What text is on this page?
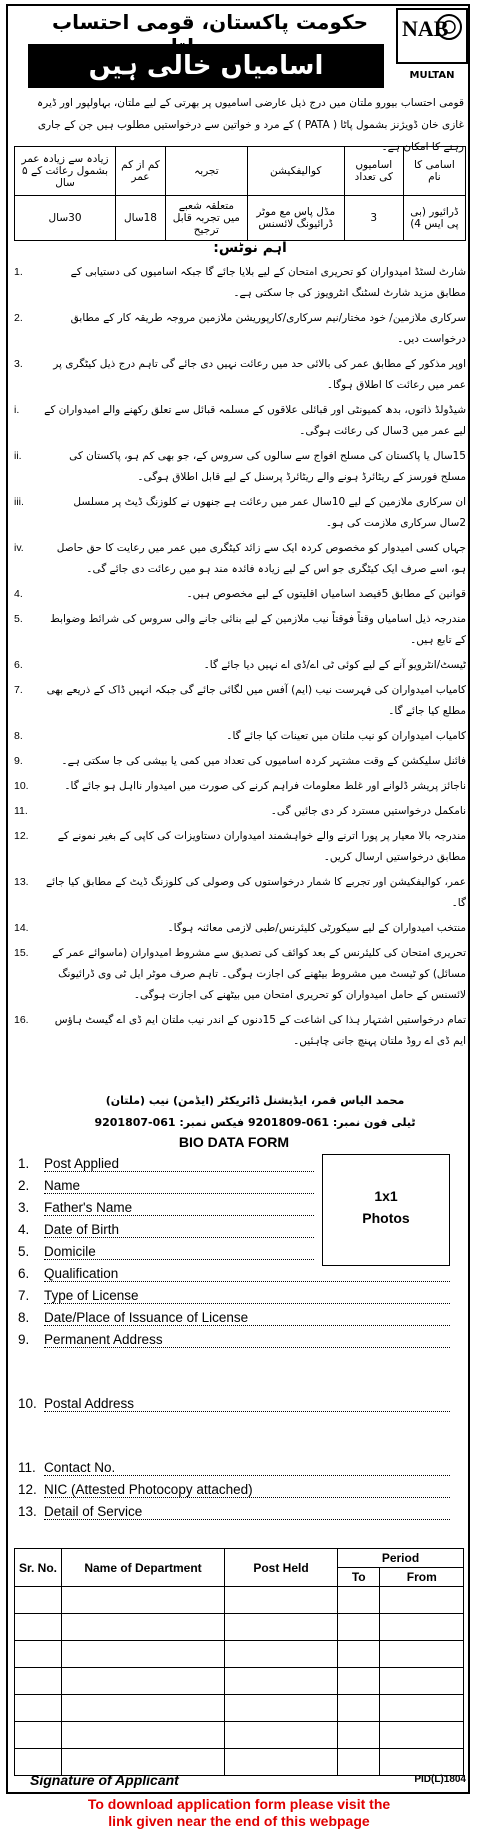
حکومت پاکستان، قومی احتساب
اسامیاں خالی ہیں
NAB
MULTAN
قومی احتساب بیورو ملتان میں درج ذیل عارضی اسامیوں پر بھرتی کے لیے ملتان، بہاولپور اور ڈیرہ غازی خان ڈویژنز بشمول پاٹا ( PATA ) کے مرد و خواتین سے درخواستیں مطلوب ہیں جن کے جاری رہنے کا امکان ہے۔
اسامی کا نام	اسامیوں کی تعداد	کوالیفکیشن	تجربہ	کم از کم عمر	زیادہ سے زیادہ عمر بشمول رعائت کے ۵ سال
ڈرائیور (بی پی ایس 4)	3	مڈل پاس مع موٹر ڈرائیونگ لائسنس	متعلقہ شعبے میں تجربہ قابل ترجیح	18سال	30سال
اہم نوٹس:
1.	شارٹ لسٹڈ امیدواران کو تحریری امتحان کے لیے بلایا جائے گا جبکہ اسامیوں کی دستیابی کے مطابق مزید شارٹ لسٹنگ انٹرویوز کی جا سکتی ہے۔
2.	سرکاری ملازمین/ خود مختار/نیم سرکاری/کارپوریشن ملازمین مروجہ طریقہ کار کے مطابق درخواست دیں۔
3.	اوپر مذکور کے مطابق عمر کی بالائی حد میں رعائت نہیں دی جائے گی تاہم درج ذیل کیٹگری پر عمر میں رعائت کا اطلاق ہوگا۔
i.	شیڈولڈ ذاتوں، بدھ کمیونٹی اور قبائلی علاقوں کے مسلمہ قبائل سے تعلق رکھنے والے امیدواران کے لیے عمر میں 3سال کی رعائت ہوگی۔
ii.	15سال یا پاکستان کی مسلح افواج سے سالوں کی سروس کے، جو بھی کم ہو، پاکستان کی مسلح فورسز کے ریٹائرڈ ہونے والے ریٹائرڈ پرسنل کے لیے قابل اطلاق ہوگی۔
iii.	ان سرکاری ملازمین کے لیے 10سال عمر میں رعائت ہے جنھوں نے کلوزنگ ڈیٹ پر مسلسل 2سال سرکاری ملازمت کی ہو۔
iv.	جہاں کسی امیدوار کو مخصوص کردہ ایک سے زائد کیٹگری میں عمر میں رعایت کا حق حاصل ہو، اسے صرف ایک کیٹگری جو اس کے لیے زیادہ فائدہ مند ہو میں رعائت دی جائے گی۔
4.	قوانین کے مطابق 5فیصد اسامیاں اقلیتوں کے لیے مخصوص ہیں۔
5.	مندرجہ ذیل اسامیاں وقتاً فوقتاً نیب ملازمین کے لیے بنائی جانے والی سروس کی شرائط وضوابط کے تابع ہیں۔
6.	ٹیسٹ/انٹرویو آنے کے لیے کوئی ٹی اے/ڈی اے نہیں دیا جائے گا۔
7.	کامیاب امیدواران کی فہرست نیب (ایم) آفس میں لگائی جائے گی جبکہ انہیں ڈاک کے ذریعے بھی مطلع کیا جائے گا۔
8.	کامیاب امیدواران کو نیب ملتان میں تعینات کیا جائے گا۔
9.	فائنل سلیکشن کے وقت مشتہر کردہ اسامیوں کی تعداد میں کمی یا بیشی کی جا سکتی ہے۔
10.	ناجائز پریشر ڈلوانے اور غلط معلومات فراہم کرنے کی صورت میں امیدوار نااہل ہو جائے گا۔
11.	نامکمل درخواستیں مسترد کر دی جائیں گی۔
12.	مندرجہ بالا معیار پر پورا اترنے والے خواہشمند امیدواران دستاویزات کی کاپی کے بغیر نمونے کے مطابق درخواستیں ارسال کریں۔
13.	عمر، کوالیفکیشن اور تجربے کا شمار درخواستوں کی وصولی کی کلوزنگ ڈیٹ کے مطابق کیا جائے گا۔
14.	منتخب امیدواران کے لیے سیکورٹی کلیئرنس/طبی لازمی معائنہ ہوگا۔
15.	تحریری امتحان کی کلیئرنس کے بعد کوائف کی تصدیق سے مشروط امیدواران (ماسوائے عمر کے مسائل) کو ٹیسٹ میں مشروط بیٹھنے کی اجازت ہوگی۔ تاہم صرف موٹر ایل ٹی وی ڈرائیونگ لائسنس کے حامل امیدواران کو تحریری امتحان میں بیٹھنے کی اجازت ہوگی۔
16.	تمام درخواستیں اشتہار ہذا کی اشاعت کے 15دنوں کے اندر نیب ملتان ایم ڈی اے گیسٹ ہاؤس ایم ڈی اے روڈ ملتان پہنچ جانی چاہئیں۔
محمد الیاس قمر، ایڈیشنل ڈائریکٹر (ایڈمن) نیب (ملتان)
ٹیلی فون نمبر: 061-9201809 فیکس نمبر: 061-9201807
BIO DATA FORM
1x1
Photos
1.	Post Applied
2.	Name
3.	Father's Name
4.	Date of Birth
5.	Domicile
6.	Qualification
7.	Type of License
8.	Date/Place of Issuance of License
9.	Permanent Address
10. Postal Address
11. Contact No.
12. NIC (Attested Photocopy attached)
13. Detail of Service
Sr. No.	Name of Department	Post Held	Period	
			To	From

Signature of Applicant	PID(L)1804
To download application form please visit the
link given near the end of this webpage
